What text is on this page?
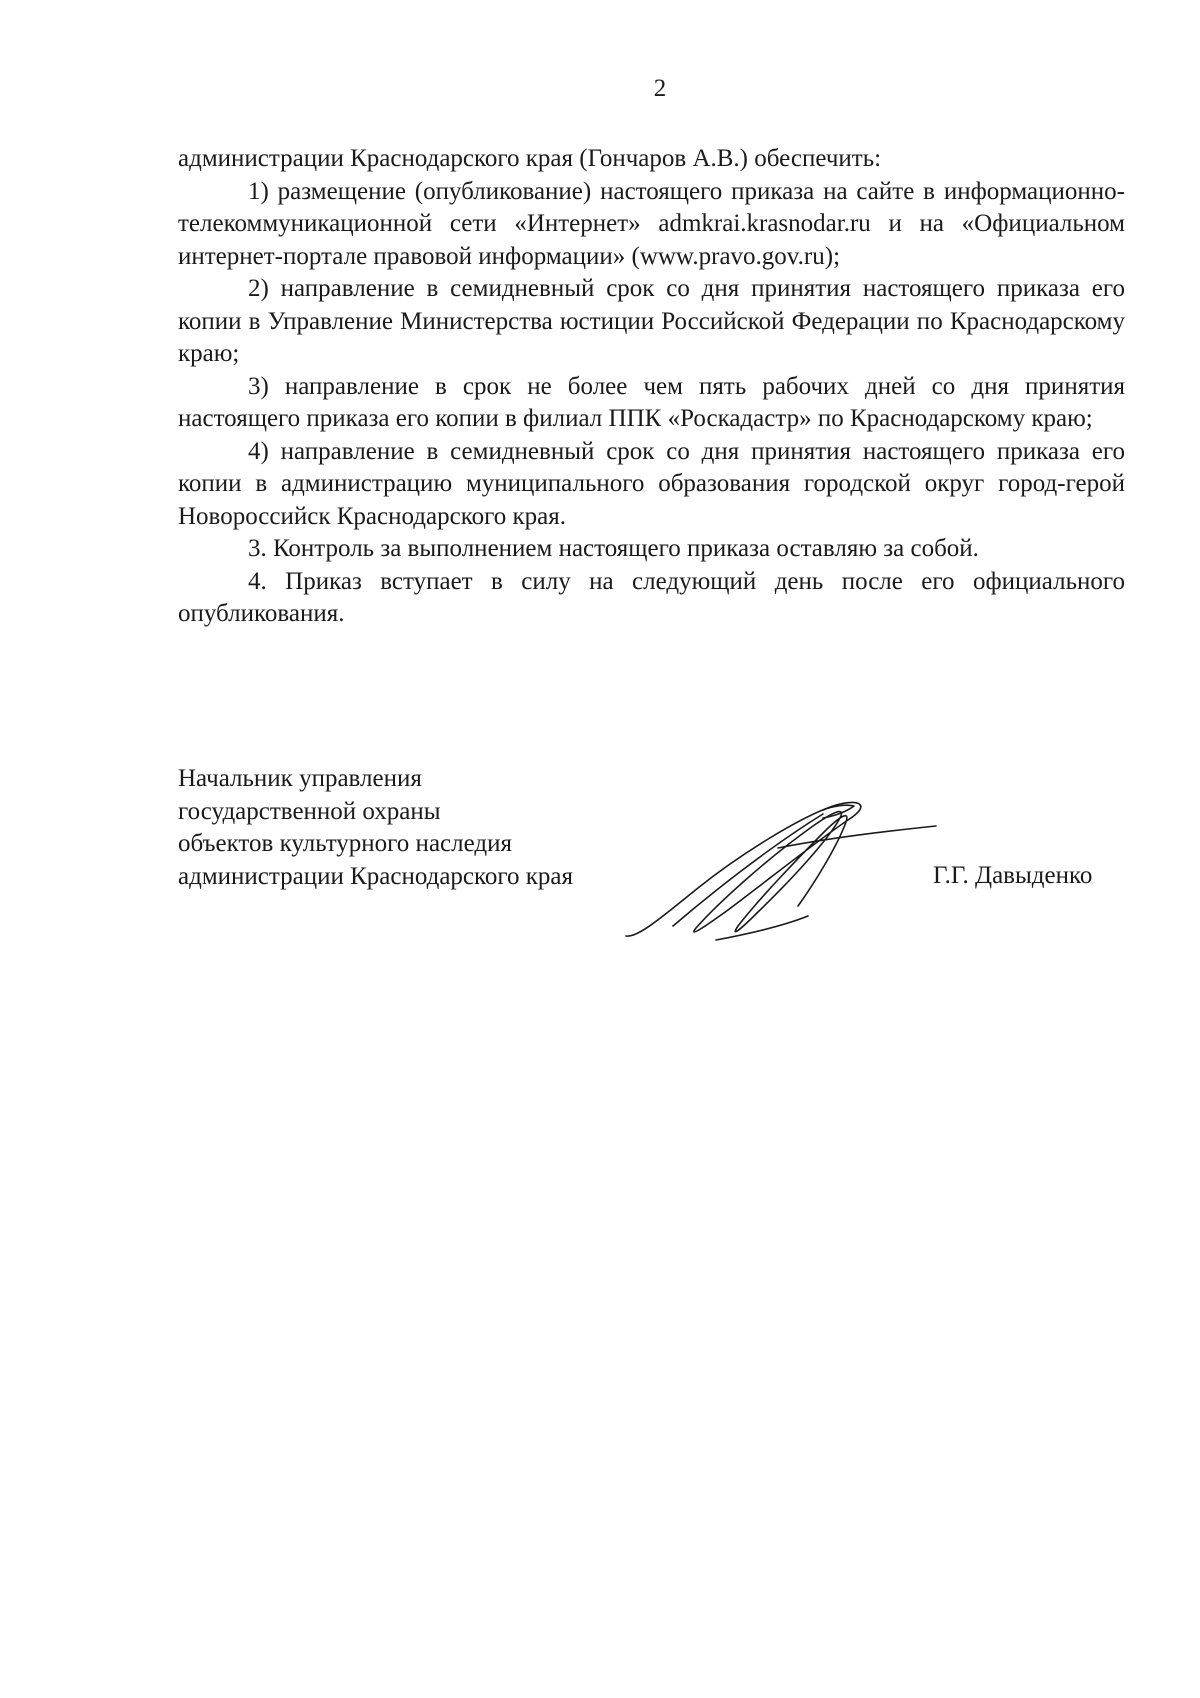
2

администрации Краснодарского края (Гончаров А.В.) обеспечить:

1) размещение (опубликование) настоящего приказа на сайте в информационно-телекоммуникационной сети «Интернет» admkrai.krasnodar.ru и на «Официальном интернет-портале правовой информации» (www.pravo.gov.ru);

2) направление в семидневный срок со дня принятия настоящего приказа его копии в Управление Министерства юстиции Российской Федерации по Краснодарскому краю;

3) направление в срок не более чем пять рабочих дней со дня принятия настоящего приказа его копии в филиал ППК «Роскадастр» по Краснодарскому краю;

4) направление в семидневный срок со дня принятия настоящего приказа его копии в администрацию муниципального образования городской округ город-герой Новороссийск Краснодарского края.

3. Контроль за выполнением настоящего приказа оставляю за собой.

4. Приказ вступает в силу на следующий день после его официального опубликования.

Начальник управления
государственной охраны
объектов культурного наследия
администрации Краснодарского края	Г.Г. Давыденко
